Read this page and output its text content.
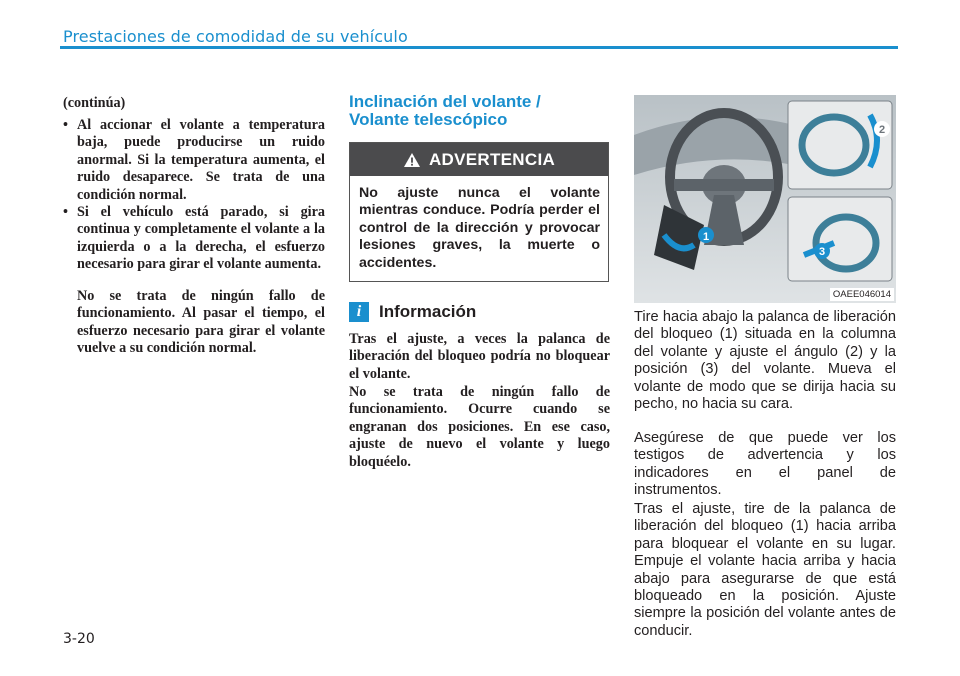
Prestaciones de comodidad de su vehículo
(continúa)
• Al accionar el volante a temperatura baja, puede producirse un ruido anormal. Si la temperatura aumenta, el ruido desaparece. Se trata de una condición normal.
• Si el vehículo está parado, si gira continua y completamente el volante a la izquierda o a la derecha, el esfuerzo necesario para girar el volante aumenta.
No se trata de ningún fallo de funcionamiento. Al pasar el tiempo, el esfuerzo necesario para girar el volante vuelve a su condición normal.
Inclinación del volante /
Volante telescópico
ADVERTENCIA
No ajuste nunca el volante mientras conduce. Podría perder el control de la dirección y provocar lesiones graves, la muerte o accidentes.
i	Información
Tras el ajuste, a veces la palanca de liberación del bloqueo podría no bloquear el volante.
No se trata de ningún fallo de funcionamiento. Ocurre cuando se engranan dos posiciones. En ese caso, ajuste de nuevo el volante y luego bloquéelo.
1
2
3
OAEE046014
Tire hacia abajo la palanca de liberación del bloqueo (1) situada en la columna del volante y ajuste el ángulo (2) y la posición (3) del volante. Mueva el volante de modo que se dirija hacia su pecho, no hacia su cara.
Asegúrese de que puede ver los testigos de advertencia y los indicadores en el panel de instrumentos.
Tras el ajuste, tire de la palanca de liberación del bloqueo (1) hacia arriba para bloquear el volante en su lugar. Empuje el volante hacia arriba y hacia abajo para asegurarse de que está bloqueado en la posición. Ajuste siempre la posición del volante antes de conducir.
3-20
